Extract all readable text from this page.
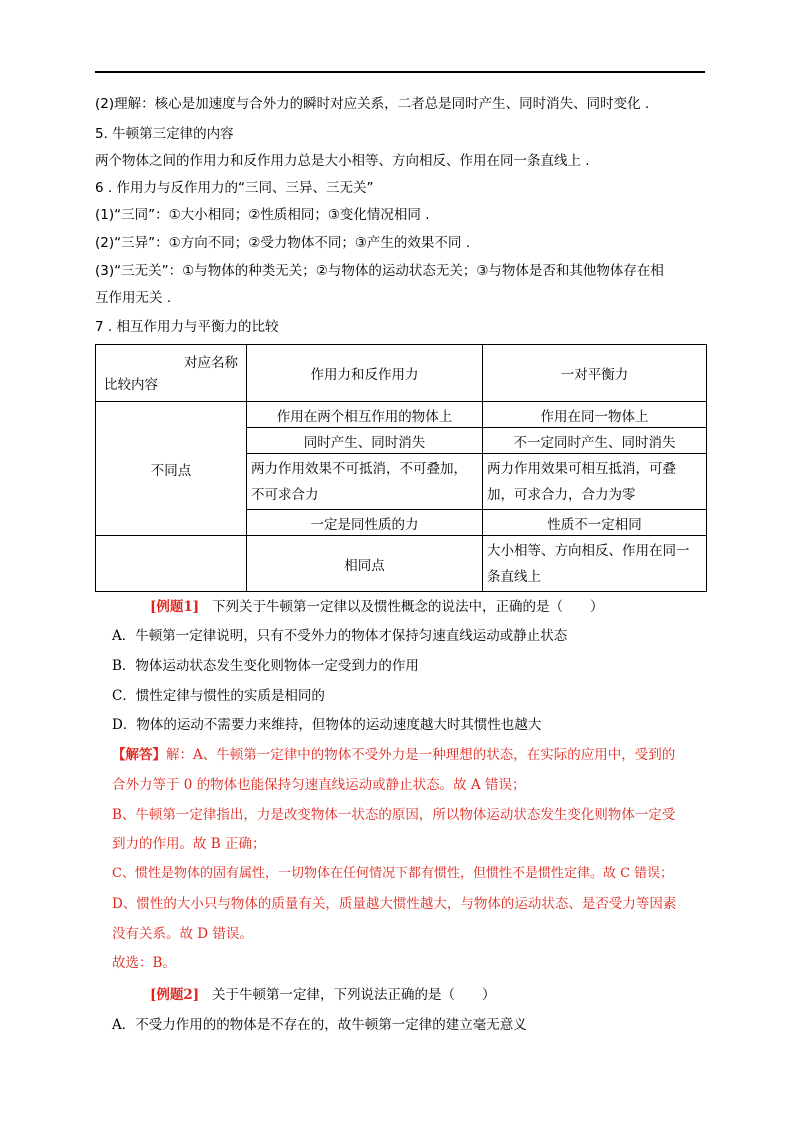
(2)理解：核心是加速度与合外力的瞬时对应关系，二者总是同时产生、同时消失、同时变化 .
5. 牛顿第三定律的内容
两个物体之间的作用力和反作用力总是大小相等、方向相反、作用在同一条直线上 .
6 . 作用力与反作用力的“三同、三异、三无关”
(1)“三同”：①大小相同；②性质相同；③变化情况相同 .
(2)“三异”：①方向不同；②受力物体不同；③产生的效果不同 .
(3)“三无关”：①与物体的种类无关；②与物体的运动状态无关；③与物体是否和其他物体存在相
互作用无关 .
7 . 相互作用力与平衡力的比较
对应名称
比较内容	作用力和反作用力	一对平衡力
不同点	作用在两个相互作用的物体上	作用在同一物体上
	同时产生、同时消失	不一定同时产生、同时消失
	两力作用效果不可抵消，不可叠加，不可求合力	两力作用效果可相互抵消，可叠加，可求合力，合力为零
	一定是同性质的力	性质不一定相同
	相同点	大小相等、方向相反、作用在同一条直线上
[例题1] 下列关于牛顿第一定律以及惯性概念的说法中，正确的是（　　）
A．牛顿第一定律说明，只有不受外力的物体才保持匀速直线运动或静止状态
B．物体运动状态发生变化则物体一定受到力的作用
C．惯性定律与惯性的实质是相同的
D．物体的运动不需要力来维持，但物体的运动速度越大时其惯性也越大
【解答】解：A、牛顿第一定律中的物体不受外力是一种理想的状态，在实际的应用中，受到的
合外力等于 0 的物体也能保持匀速直线运动或静止状态。故 A 错误；
B、牛顿第一定律指出，力是改变物体一状态的原因，所以物体运动状态发生变化则物体一定受
到力的作用。故 B 正确；
C、惯性是物体的固有属性，一切物体在任何情况下都有惯性，但惯性不是惯性定律。故 C 错误；
D、惯性的大小只与物体的质量有关，质量越大惯性越大，与物体的运动状态、是否受力等因素
没有关系。故 D 错误。
故选：B。
[例题2] 关于牛顿第一定律，下列说法正确的是（　　）
A．不受力作用的的物体是不存在的，故牛顿第一定律的建立毫无意义
